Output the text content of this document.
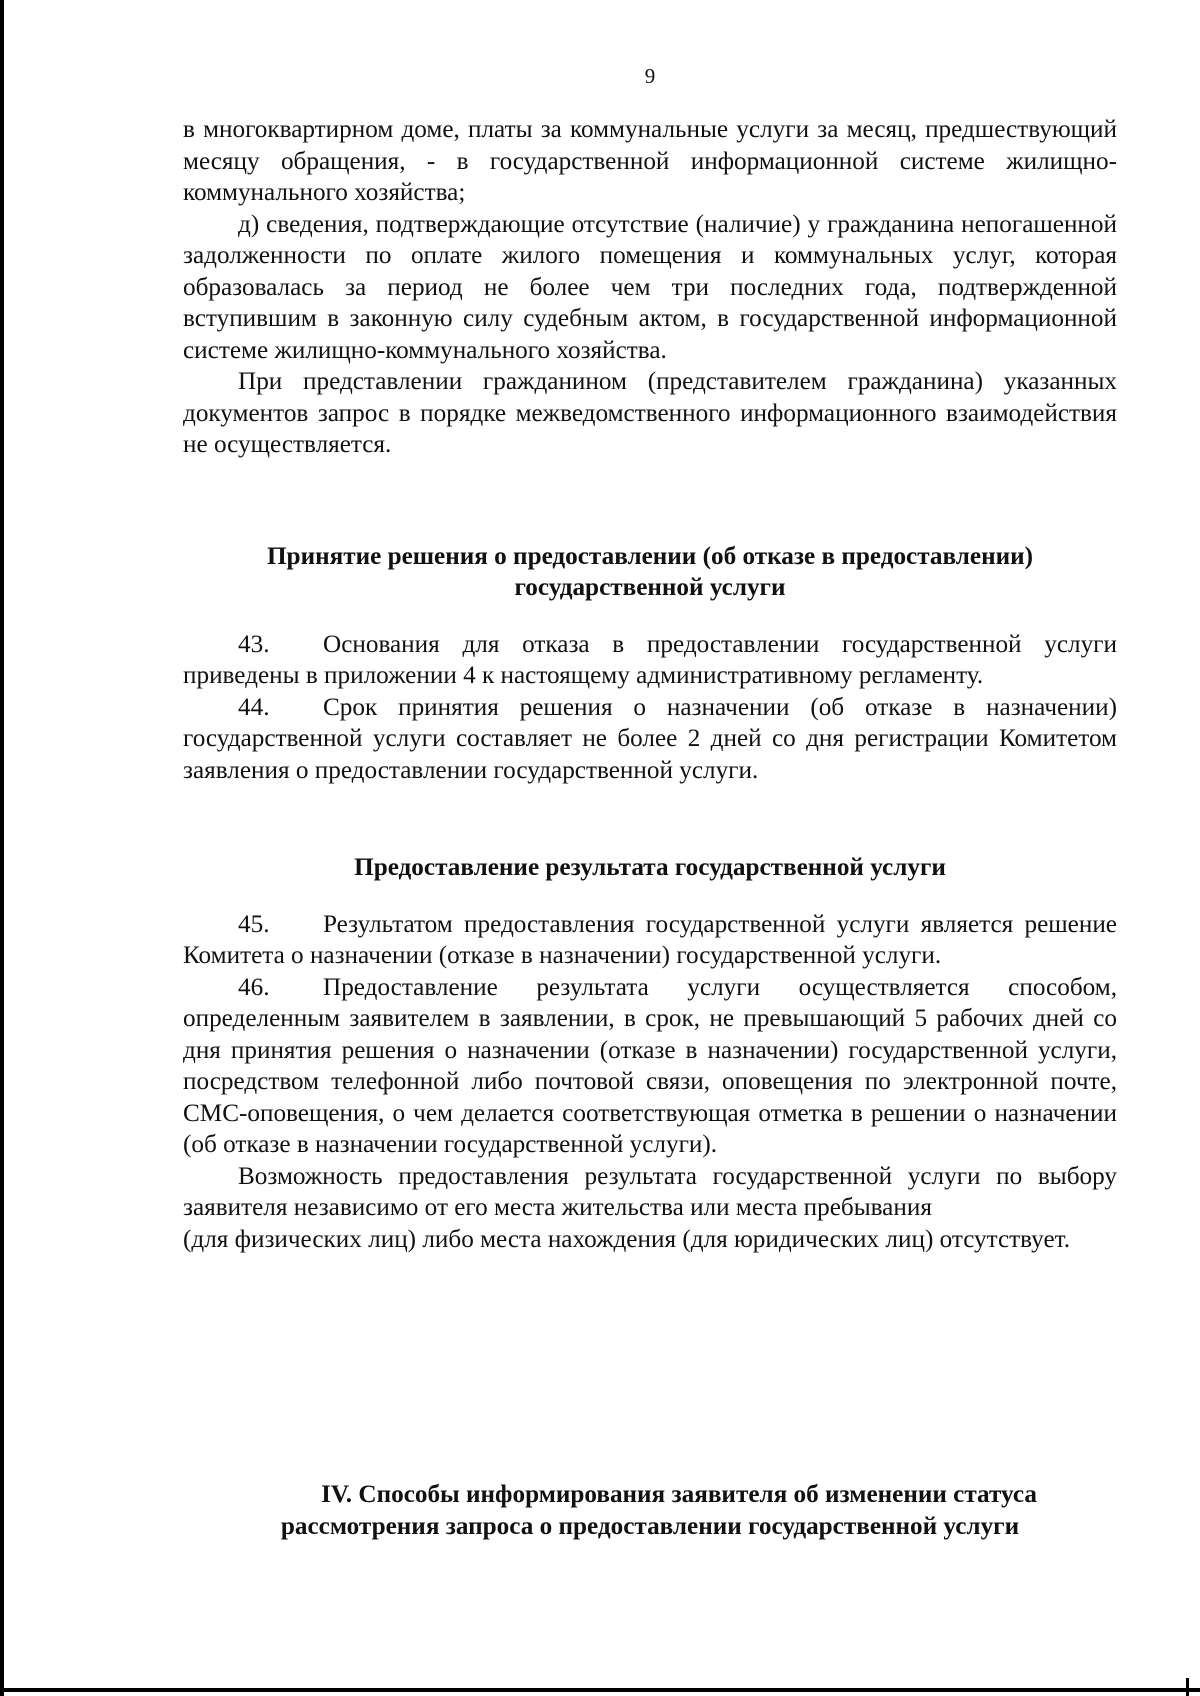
9

в многоквартирном доме, платы за коммунальные услуги за месяц, предшествующий месяцу обращения, - в государственной информационной системе жилищно-коммунального хозяйства;

д) сведения, подтверждающие отсутствие (наличие) у гражданина непогашенной задолженности по оплате жилого помещения и коммунальных услуг, которая образовалась за период не более чем три последних года, подтвержденной вступившим в законную силу судебным актом, в государственной информационной системе жилищно-коммунального хозяйства.

При представлении гражданином (представителем гражданина) указанных документов запрос в порядке межведомственного информационного взаимодействия не осуществляется.

Принятие решения о предоставлении (об отказе в предоставлении)
государственной услуги

43. Основания для отказа в предоставлении государственной услуги приведены в приложении 4 к настоящему административному регламенту.

44. Срок принятия решения о назначении (об отказе в назначении) государственной услуги составляет не более 2 дней со дня регистрации Комитетом заявления о предоставлении государственной услуги.

Предоставление результата государственной услуги

45. Результатом предоставления государственной услуги является решение Комитета о назначении (отказе в назначении) государственной услуги.

46. Предоставление результата услуги осуществляется способом, определенным заявителем в заявлении, в срок, не превышающий 5 рабочих дней со дня принятия решения о назначении (отказе в назначении) государственной услуги, посредством телефонной либо почтовой связи, оповещения по электронной почте, СМС-оповещения, о чем делается соответствующая отметка в решении о назначении (об отказе в назначении государственной услуги).

Возможность предоставления результата государственной услуги по выбору заявителя независимо от его места жительства или места пребывания

(для физических лиц) либо места нахождения (для юридических лиц) отсутствует.

IV. Способы информирования заявителя об изменении статуса
рассмотрения запроса о предоставлении государственной услуги
